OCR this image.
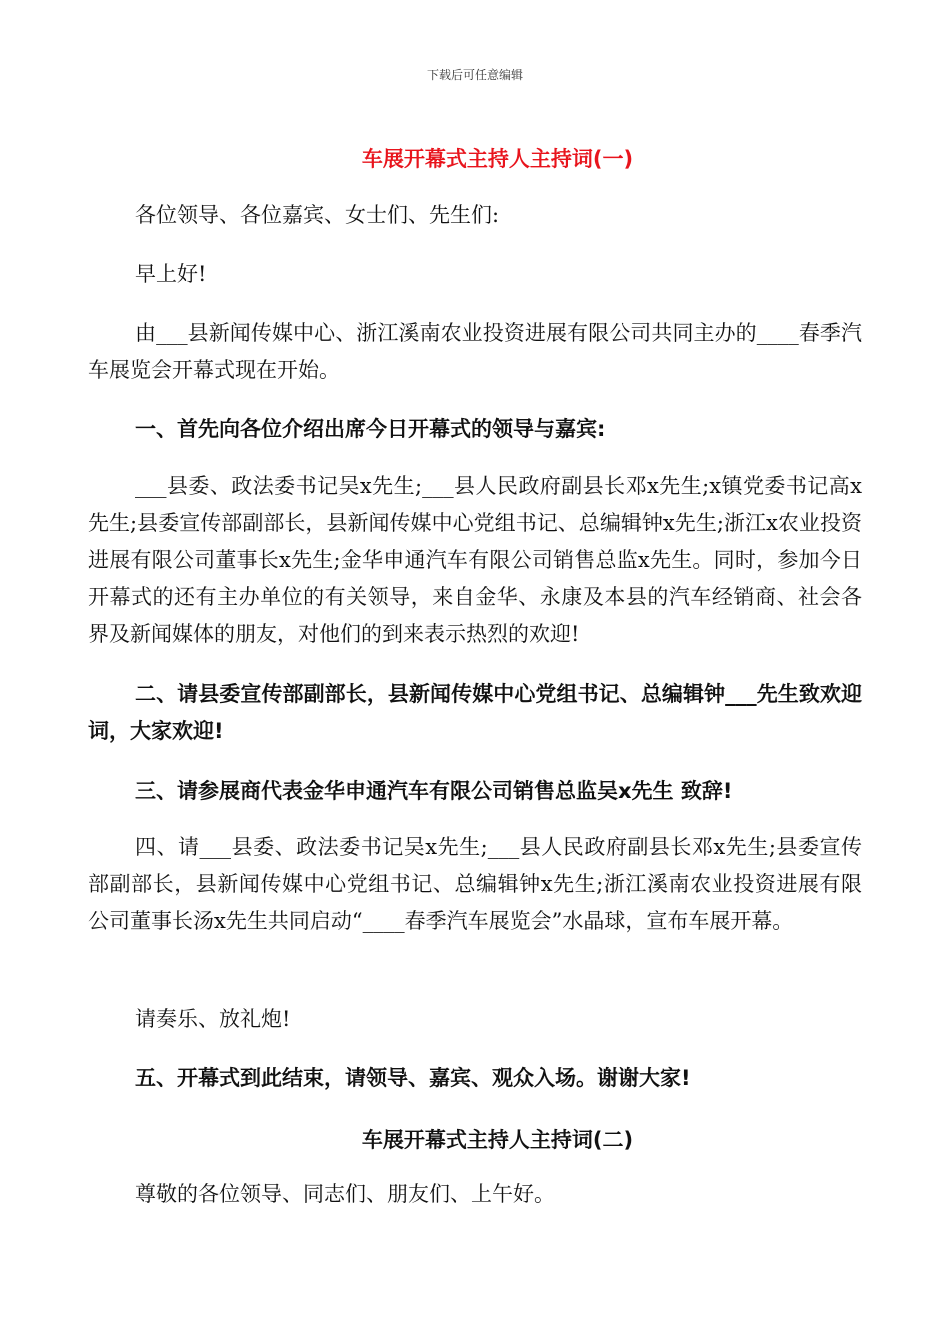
下载后可任意编辑
车展开幕式主持人主持词(一)

各位领导、各位嘉宾、女士们、先生们:

早上好!

由___县新闻传媒中心、浙江溪南农业投资进展有限公司共同主办的____春季汽车展览会开幕式现在开始。

一、首先向各位介绍出席今日开幕式的领导与嘉宾:

___县委、政法委书记吴x先生;___县人民政府副县长邓x先生;x镇党委书记高x先生;县委宣传部副部长，县新闻传媒中心党组书记、总编辑钟x先生;浙江x农业投资进展有限公司董事长x先生;金华申通汽车有限公司销售总监x先生。同时，参加今日开幕式的还有主办单位的有关领导，来自金华、永康及本县的汽车经销商、社会各界及新闻媒体的朋友，对他们的到来表示热烈的欢迎!

二、请县委宣传部副部长，县新闻传媒中心党组书记、总编辑钟___先生致欢迎词，大家欢迎!

三、请参展商代表金华申通汽车有限公司销售总监吴x先生 致辞!

四、请___县委、政法委书记吴x先生;___县人民政府副县长邓x先生;县委宣传部副部长，县新闻传媒中心党组书记、总编辑钟x先生;浙江溪南农业投资进展有限公司董事长汤x先生共同启动“____春季汽车展览会”水晶球，宣布车展开幕。

请奏乐、放礼炮!

五、开幕式到此结束，请领导、嘉宾、观众入场。谢谢大家!

车展开幕式主持人主持词(二)

尊敬的各位领导、同志们、朋友们、上午好。
